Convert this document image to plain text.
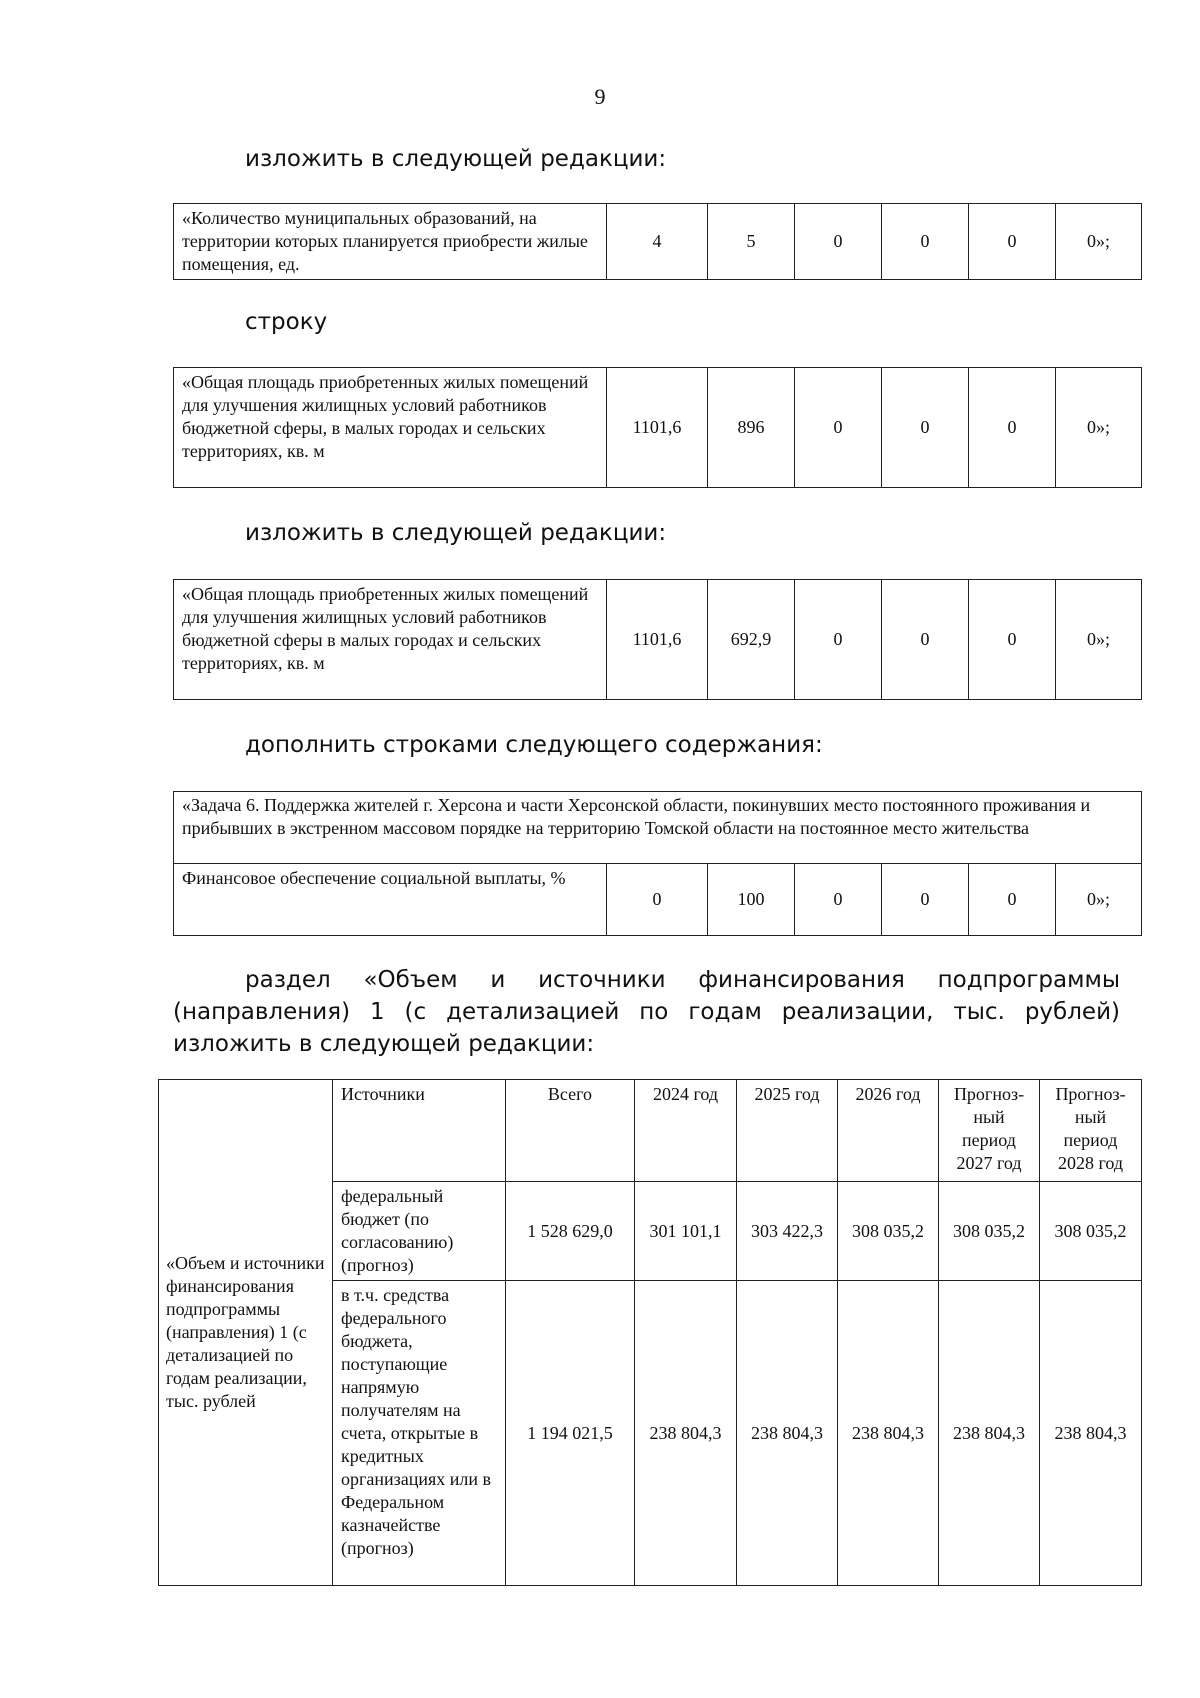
9
изложить в следующей редакции:
«Количество муниципальных образований, на территории которых планируется приобрести жилые помещения, ед.	4	5	0	0	0	0»;
строку
«Общая площадь приобретенных жилых помещений для улучшения жилищных условий работников бюджетной сферы, в малых городах и сельских территориях, кв. м	1101,6	896	0	0	0	0»;
изложить в следующей редакции:
«Общая площадь приобретенных жилых помещений для улучшения жилищных условий работников бюджетной сферы в малых городах и сельских территориях, кв. м	1101,6	692,9	0	0	0	0»;
дополнить строками следующего содержания:
«Задача 6. Поддержка жителей г. Херсона и части Херсонской области, покинувших место постоянного проживания и прибывших в экстренном массовом порядке на территорию Томской области на постоянное место жительства
Финансовое обеспечение социальной выплаты, %	0	100	0	0	0	0»;
раздел «Объем и источники финансирования подпрограммы (направления) 1 (с детализацией по годам реализации, тыс. рублей) изложить в следующей редакции:
«Объем и источники финансирования подпрограммы (направления) 1 (с детализацией по годам реализации, тыс. рублей	Источники	Всего	2024 год	2025 год	2026 год	Прогноз-ный период 2027 год	Прогноз-ный период 2028 год
	федеральный бюджет (по согласованию) (прогноз)	1 528 629,0	301 101,1	303 422,3	308 035,2	308 035,2	308 035,2
	в т.ч. средства федерального бюджета, поступающие напрямую получателям на счета, открытые в кредитных организациях или в Федеральном казначействе (прогноз)	1 194 021,5	238 804,3	238 804,3	238 804,3	238 804,3	238 804,3
